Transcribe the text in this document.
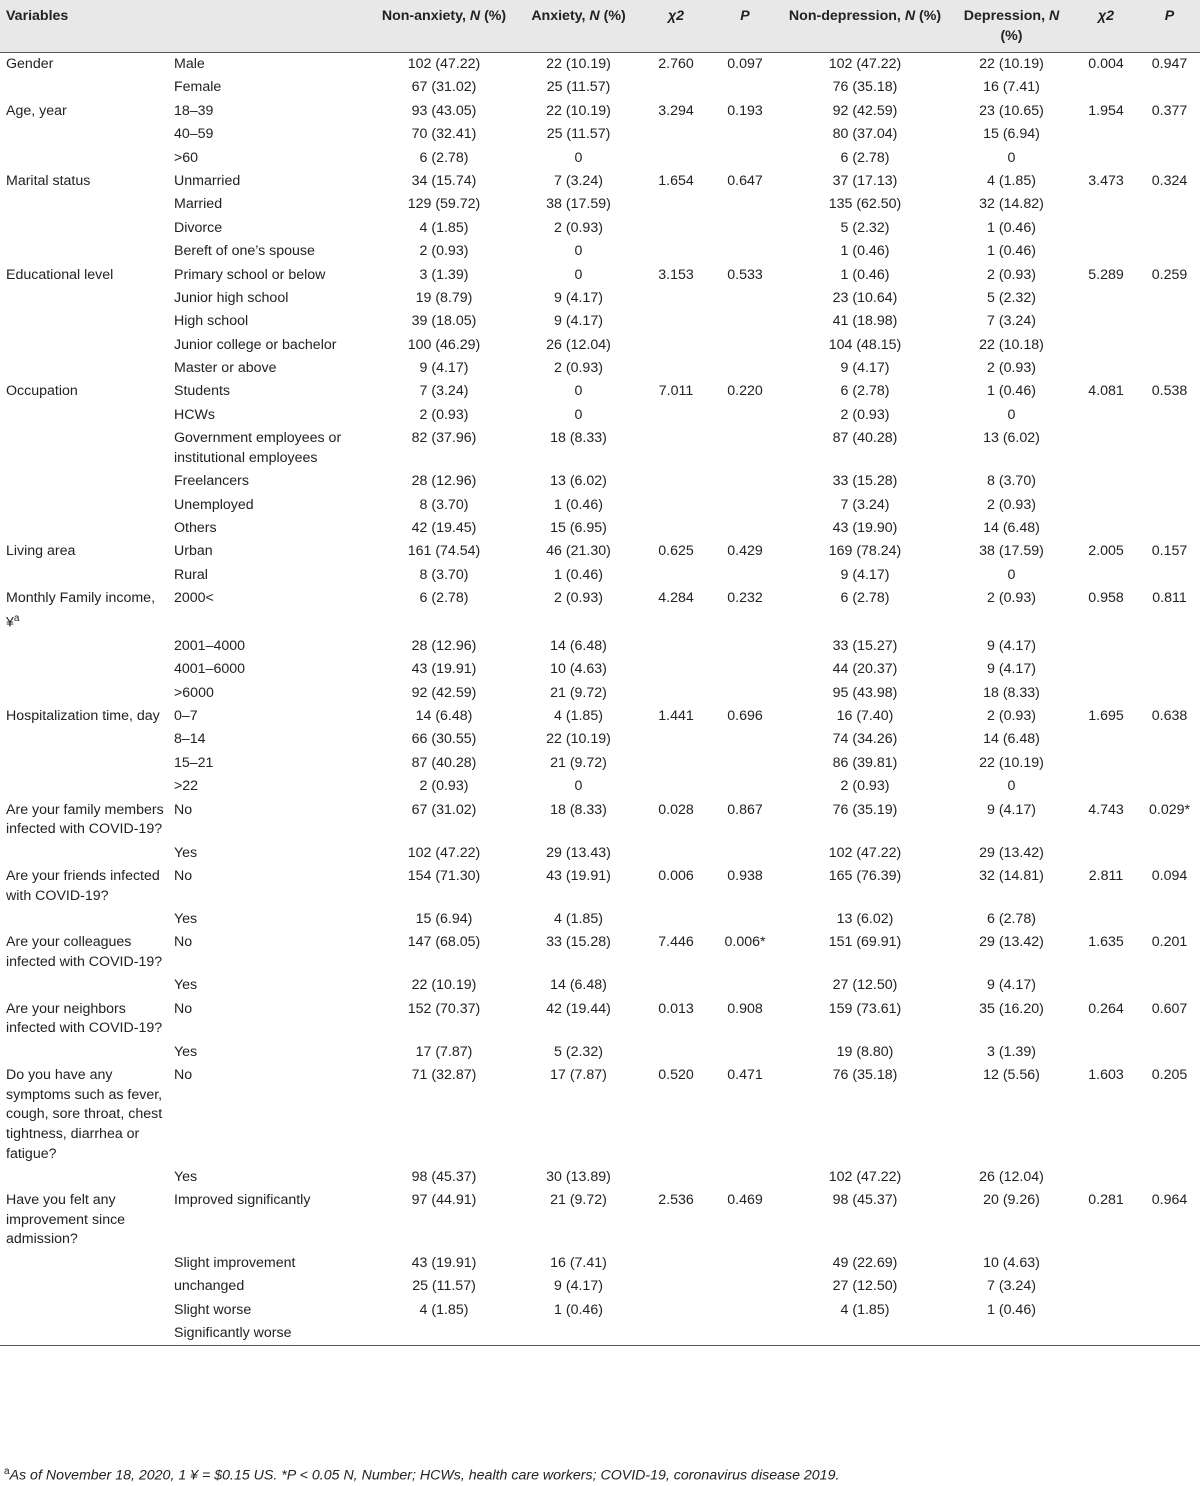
Variables		Non-anxiety, N (%)	Anxiety, N (%)	χ2	P	Non-depression, N (%)	Depression, N (%)	χ2	P
Gender	Male	102 (47.22)	22 (10.19)	2.760	0.097	102 (47.22)	22 (10.19)	0.004	0.947
	Female	67 (31.02)	25 (11.57)			76 (35.18)	16 (7.41)		
Age, year	18–39	93 (43.05)	22 (10.19)	3.294	0.193	92 (42.59)	23 (10.65)	1.954	0.377
	40–59	70 (32.41)	25 (11.57)			80 (37.04)	15 (6.94)		
	>60	6 (2.78)	0			6 (2.78)	0		
Marital status	Unmarried	34 (15.74)	7 (3.24)	1.654	0.647	37 (17.13)	4 (1.85)	3.473	0.324
	Married	129 (59.72)	38 (17.59)			135 (62.50)	32 (14.82)		
	Divorce	4 (1.85)	2 (0.93)			5 (2.32)	1 (0.46)		
	Bereft of one’s spouse	2 (0.93)	0			1 (0.46)	1 (0.46)		
Educational level	Primary school or below	3 (1.39)	0	3.153	0.533	1 (0.46)	2 (0.93)	5.289	0.259
	Junior high school	19 (8.79)	9 (4.17)			23 (10.64)	5 (2.32)		
	High school	39 (18.05)	9 (4.17)			41 (18.98)	7 (3.24)		
	Junior college or bachelor	100 (46.29)	26 (12.04)			104 (48.15)	22 (10.18)		
	Master or above	9 (4.17)	2 (0.93)			9 (4.17)	2 (0.93)		
Occupation	Students	7 (3.24)	0	7.011	0.220	6 (2.78)	1 (0.46)	4.081	0.538
	HCWs	2 (0.93)	0			2 (0.93)	0		
	Government employees or institutional employees	82 (37.96)	18 (8.33)			87 (40.28)	13 (6.02)		
	Freelancers	28 (12.96)	13 (6.02)			33 (15.28)	8 (3.70)		
	Unemployed	8 (3.70)	1 (0.46)			7 (3.24)	2 (0.93)		
	Others	42 (19.45)	15 (6.95)			43 (19.90)	14 (6.48)		
Living area	Urban	161 (74.54)	46 (21.30)	0.625	0.429	169 (78.24)	38 (17.59)	2.005	0.157
	Rural	8 (3.70)	1 (0.46)			9 (4.17)	0		
Monthly Family income, ¥$^a$	2000<	6 (2.78)	2 (0.93)	4.284	0.232	6 (2.78)	2 (0.93)	0.958	0.811
	2001–4000	28 (12.96)	14 (6.48)			33 (15.27)	9 (4.17)		
	4001–6000	43 (19.91)	10 (4.63)			44 (20.37)	9 (4.17)		
	>6000	92 (42.59)	21 (9.72)			95 (43.98)	18 (8.33)		
Hospitalization time, day	0–7	14 (6.48)	4 (1.85)	1.441	0.696	16 (7.40)	2 (0.93)	1.695	0.638
	8–14	66 (30.55)	22 (10.19)			74 (34.26)	14 (6.48)		
	15–21	87 (40.28)	21 (9.72)			86 (39.81)	22 (10.19)		
	>22	2 (0.93)	0			2 (0.93)	0		
Are your family members infected with COVID-19?	No	67 (31.02)	18 (8.33)	0.028	0.867	76 (35.19)	9 (4.17)	4.743	0.029*
	Yes	102 (47.22)	29 (13.43)			102 (47.22)	29 (13.42)		
Are your friends infected with COVID-19?	No	154 (71.30)	43 (19.91)	0.006	0.938	165 (76.39)	32 (14.81)	2.811	0.094
	Yes	15 (6.94)	4 (1.85)			13 (6.02)	6 (2.78)		
Are your colleagues infected with COVID-19?	No	147 (68.05)	33 (15.28)	7.446	0.006*	151 (69.91)	29 (13.42)	1.635	0.201
	Yes	22 (10.19)	14 (6.48)			27 (12.50)	9 (4.17)		
Are your neighbors infected with COVID-19?	No	152 (70.37)	42 (19.44)	0.013	0.908	159 (73.61)	35 (16.20)	0.264	0.607
	Yes	17 (7.87)	5 (2.32)			19 (8.80)	3 (1.39)		
Do you have any symptoms such as fever, cough, sore throat, chest tightness, diarrhea or fatigue?	No	71 (32.87)	17 (7.87)	0.520	0.471	76 (35.18)	12 (5.56)	1.603	0.205
	Yes	98 (45.37)	30 (13.89)			102 (47.22)	26 (12.04)		
Have you felt any improvement since admission?	Improved significantly	97 (44.91)	21 (9.72)	2.536	0.469	98 (45.37)	20 (9.26)	0.281	0.964
	Slight improvement	43 (19.91)	16 (7.41)			49 (22.69)	10 (4.63)		
	unchanged	25 (11.57)	9 (4.17)			27 (12.50)	7 (3.24)		
	Slight worse	4 (1.85)	1 (0.46)			4 (1.85)	1 (0.46)		
	Significantly worse								
$^a$As of November 18, 2020, 1 ¥ = $0.15 US. *P < 0.05 N, Number; HCWs, health care workers; COVID-19, coronavirus disease 2019.
